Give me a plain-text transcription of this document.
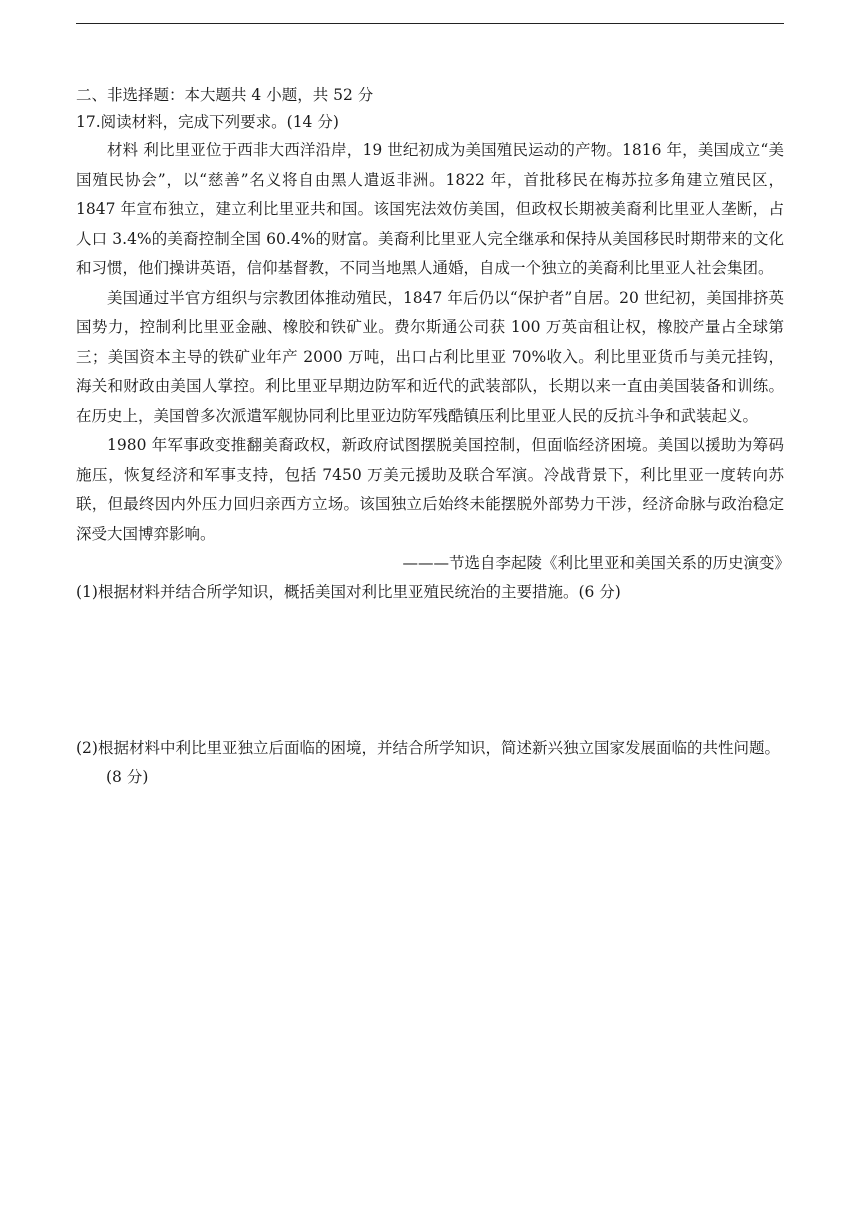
二、非选择题：本大题共 4 小题，共 52 分
17.阅读材料，完成下列要求。(14 分)
材料 利比里亚位于西非大西洋沿岸，19 世纪初成为美国殖民运动的产物。1816 年，美国成立“美国殖民协会”，以“慈善”名义将自由黑人遣返非洲。1822 年，首批移民在梅苏拉多角建立殖民区，1847 年宣布独立，建立利比里亚共和国。该国宪法效仿美国，但政权长期被美裔利比里亚人垄断，占人口 3.4%的美裔控制全国 60.4%的财富。美裔利比里亚人完全继承和保持从美国移民时期带来的文化和习惯，他们操讲英语，信仰基督教，不同当地黑人通婚，自成一个独立的美裔利比里亚人社会集团。
美国通过半官方组织与宗教团体推动殖民，1847 年后仍以“保护者”自居。20 世纪初，美国排挤英国势力，控制利比里亚金融、橡胶和铁矿业。费尔斯通公司获 100 万英亩租让权，橡胶产量占全球第三；美国资本主导的铁矿业年产 2000 万吨，出口占利比里亚 70%收入。利比里亚货币与美元挂钩，海关和财政由美国人掌控。利比里亚早期边防军和近代的武装部队，长期以来一直由美国装备和训练。在历史上，美国曾多次派遣军舰协同利比里亚边防军残酷镇压利比里亚人民的反抗斗争和武装起义。
1980 年军事政变推翻美裔政权，新政府试图摆脱美国控制，但面临经济困境。美国以援助为筹码施压，恢复经济和军事支持，包括 7450 万美元援助及联合军演。冷战背景下，利比里亚一度转向苏联，但最终因内外压力回归亲西方立场。该国独立后始终未能摆脱外部势力干涉，经济命脉与政治稳定深受大国博弈影响。
———节选自李起陵《利比里亚和美国关系的历史演变》
(1)根据材料并结合所学知识，概括美国对利比里亚殖民统治的主要措施。(6 分)
(2)根据材料中利比里亚独立后面临的困境，并结合所学知识，简述新兴独立国家发展面临的共性问题。(8 分)
